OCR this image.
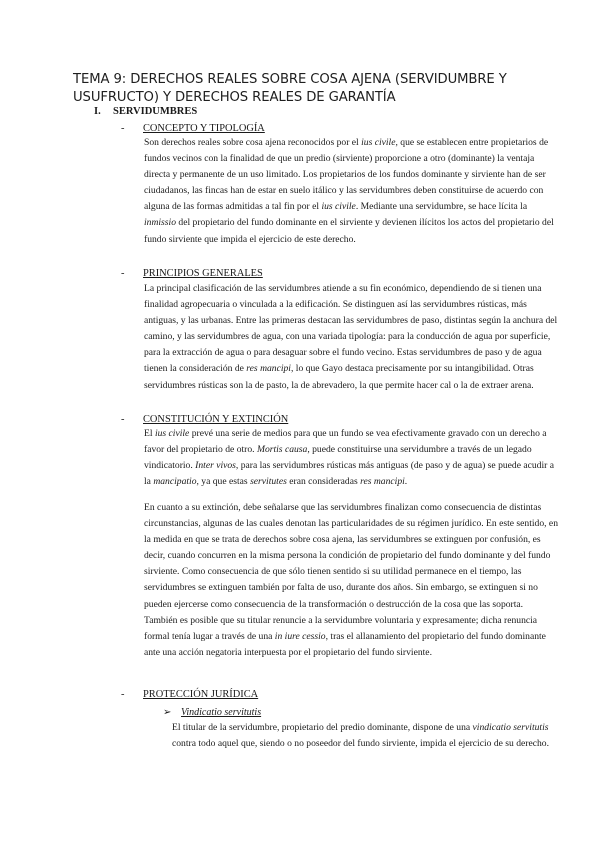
TEMA 9: DERECHOS REALES SOBRE COSA AJENA (SERVIDUMBRE Y USUFRUCTO) Y DERECHOS REALES DE GARANTÍA
I. SERVIDUMBRES
- CONCEPTO Y TIPOLOGÍA

Son derechos reales sobre cosa ajena reconocidos por el ius civile, que se establecen entre propietarios de fundos vecinos con la finalidad de que un predio (sirviente) proporcione a otro (dominante) la ventaja directa y permanente de un uso limitado. Los propietarios de los fundos dominante y sirviente han de ser ciudadanos, las fincas han de estar en suelo itálico y las servidumbres deben constituirse de acuerdo con alguna de las formas admitidas a tal fin por el ius civile. Mediante una servidumbre, se hace lícita la inmissio del propietario del fundo dominante en el sirviente y devienen ilícitos los actos del propietario del fundo sirviente que impida el ejercicio de este derecho.

- PRINCIPIOS GENERALES

La principal clasificación de las servidumbres atiende a su fin económico, dependiendo de si tienen una finalidad agropecuaria o vinculada a la edificación. Se distinguen así las servidumbres rústicas, más antiguas, y las urbanas. Entre las primeras destacan las servidumbres de paso, distintas según la anchura del camino, y las servidumbres de agua, con una variada tipología: para la conducción de agua por superficie, para la extracción de agua o para desaguar sobre el fundo vecino. Estas servidumbres de paso y de agua tienen la consideración de res mancipi, lo que Gayo destaca precisamente por su intangibilidad. Otras servidumbres rústicas son la de pasto, la de abrevadero, la que permite hacer cal o la de extraer arena.

- CONSTITUCIÓN Y EXTINCIÓN

El ius civile prevé una serie de medios para que un fundo se vea efectivamente gravado con un derecho a favor del propietario de otro. Mortis causa, puede constituirse una servidumbre a través de un legado vindicatorio. Inter vivos, para las servidumbres rústicas más antiguas (de paso y de agua) se puede acudir a la mancipatio, ya que estas servitutes eran consideradas res mancipi.

En cuanto a su extinción, debe señalarse que las servidumbres finalizan como consecuencia de distintas circunstancias, algunas de las cuales denotan las particularidades de su régimen jurídico. En este sentido, en la medida en que se trata de derechos sobre cosa ajena, las servidumbres se extinguen por confusión, es decir, cuando concurren en la misma persona la condición de propietario del fundo dominante y del fundo sirviente. Como consecuencia de que sólo tienen sentido si su utilidad permanece en el tiempo, las servidumbres se extinguen también por falta de uso, durante dos años. Sin embargo, se extinguen si no pueden ejercerse como consecuencia de la transformación o destrucción de la cosa que las soporta. También es posible que su titular renuncie a la servidumbre voluntaria y expresamente; dicha renuncia formal tenía lugar a través de una in iure cessio, tras el allanamiento del propietario del fundo dominante ante una acción negatoria interpuesta por el propietario del fundo sirviente.

- PROTECCIÓN JURÍDICA
➢ Vindicatio servitutis

El titular de la servidumbre, propietario del predio dominante, dispone de una vindicatio servitutis contra todo aquel que, siendo o no poseedor del fundo sirviente, impida el ejercicio de su derecho.
